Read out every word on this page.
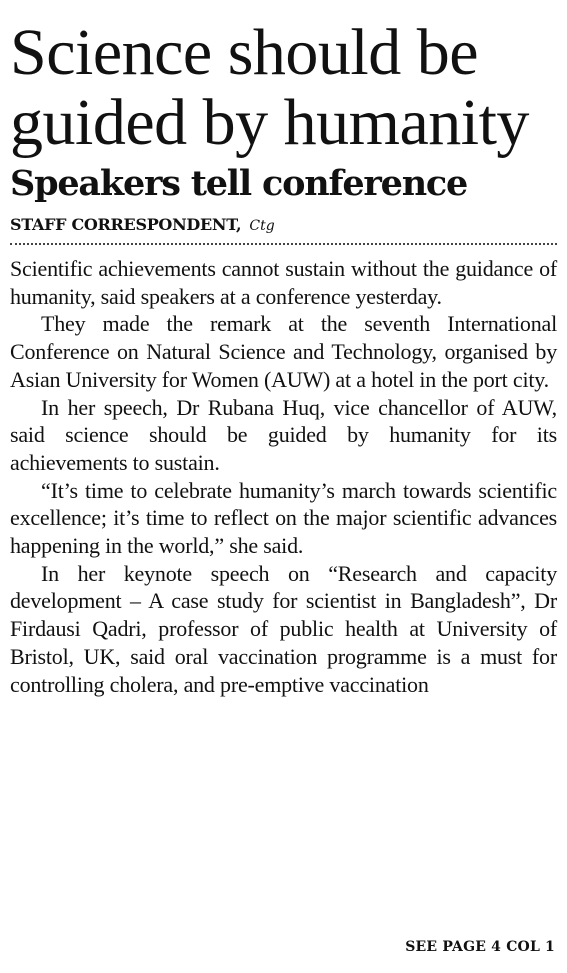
Science should be guided by humanity
Speakers tell conference
STAFF CORRESPONDENT, Ctg

Scientific achievements cannot sustain without the guidance of humanity, said speakers at a conference yesterday.

They made the remark at the seventh International Conference on Natural Science and Technology, organised by Asian University for Women (AUW) at a hotel in the port city.

In her speech, Dr Rubana Huq, vice chancellor of AUW, said science should be guided by humanity for its achievements to sustain.

“It’s time to celebrate humanity’s march towards scientific excellence; it’s time to reflect on the major scientific advances happening in the world,” she said.

In her keynote speech on “Research and capacity development – A case study for scientist in Bangladesh”, Dr Firdausi Qadri, professor of public health at University of Bristol, UK, said oral vaccination programme is a must for controlling cholera, and pre-emptive vaccination

SEE PAGE 4 COL 1
